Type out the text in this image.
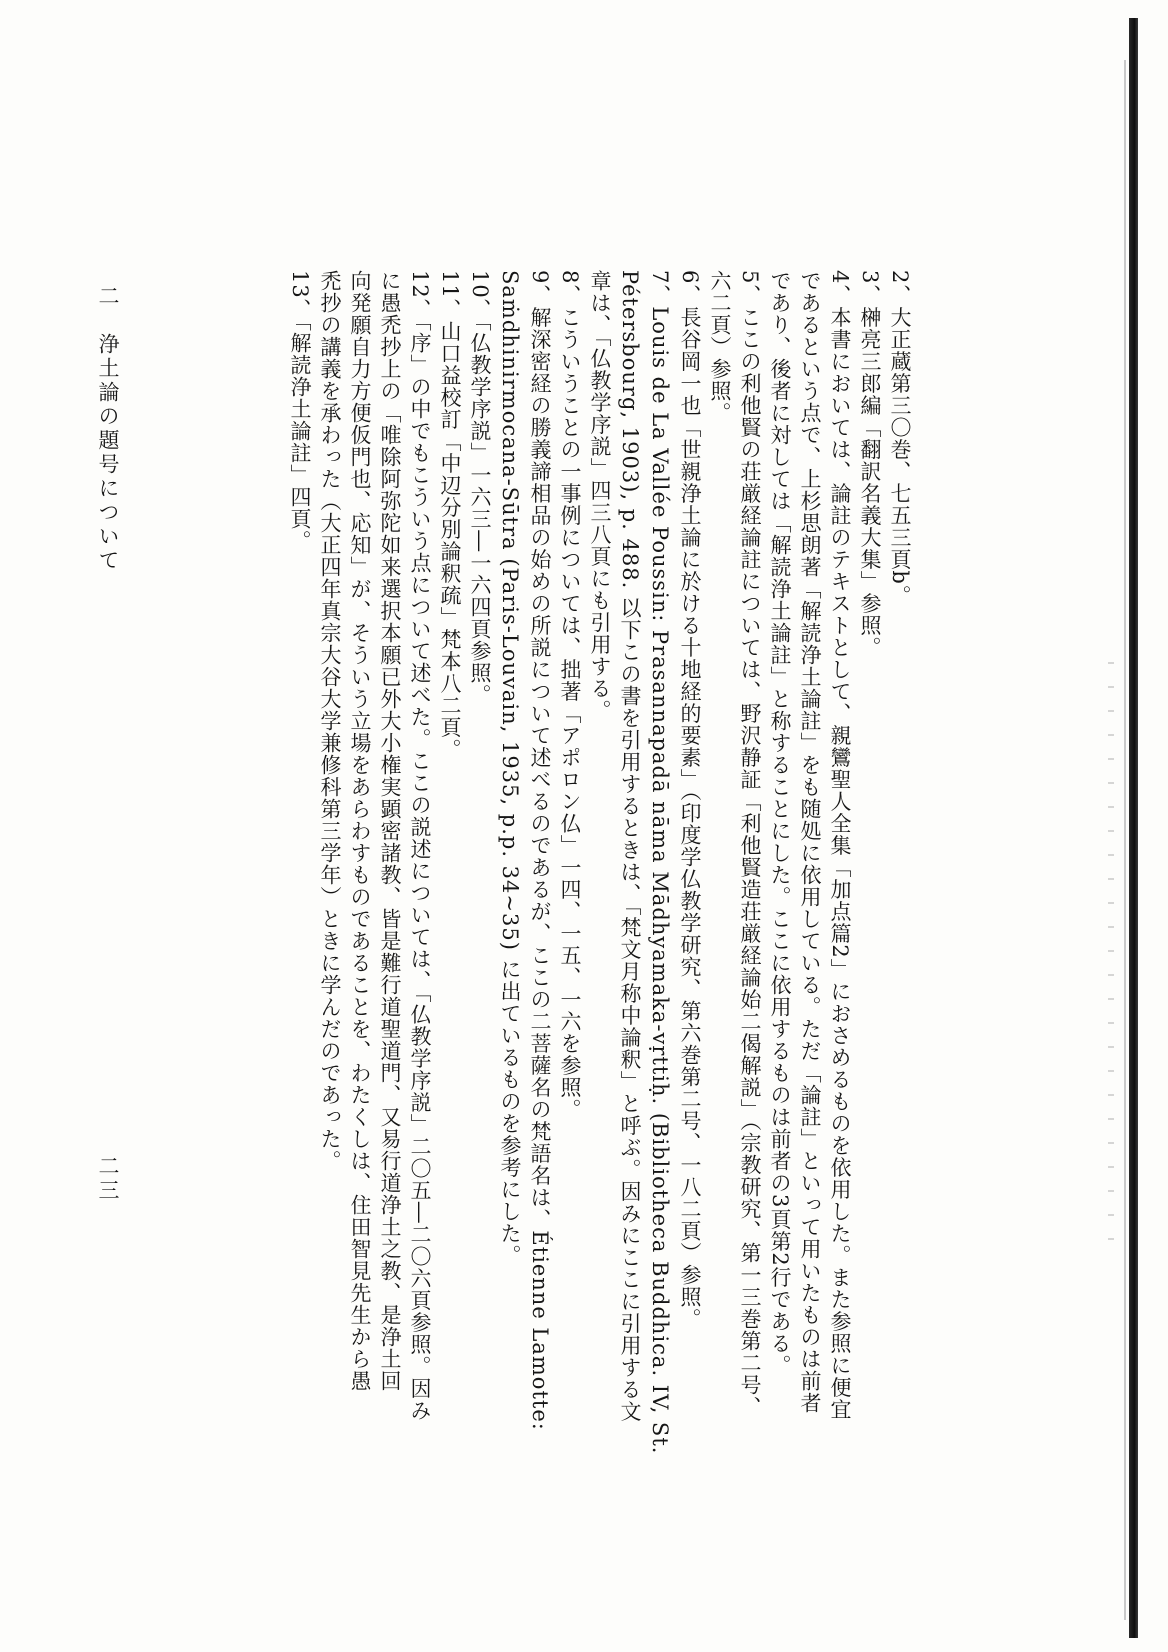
2、大正蔵第三〇巻、七五三頁b。
3、榊亮三郎編「翻訳名義大集」参照。
4、本書においては、論註のテキストとして、親鸞聖人全集「加点篇2」におさめるものを依用した。また参照に便宜
であるという点で、上杉思朗著「解読浄土論註」をも随処に依用している。ただ「論註」といって用いたものは前者
であり、後者に対しては「解読浄土論註」と称することにした。ここに依用するものは前者の3頁第2行である。
5、ここの利他賢の荘厳経論註については、野沢静証「利他賢造荘厳経論始二偈解説」（宗教研究、第一三巻第二号、
六二頁）参照。
6、長谷岡一也「世親浄土論に於ける十地経的要素」（印度学仏教学研究、第六巻第二号、一八二頁）参照。
7、Louis de La Vallée Poussin: Prasannapadā nāma Mādhyamaka-vṛttiḥ. (Bibliotheca Buddhica. IV, St.
Pétersbourg, 1903), p. 488. 以下この書を引用するときは、「梵文月称中論釈」と呼ぶ。因みにここに引用する文
章は、「仏教学序説」四三八頁にも引用する。
8、こういうことの一事例については、拙著「アポロン仏」一四、一五、一六を参照。
9、解深密経の勝義諦相品の始めの所説について述べるのであるが、ここの二菩薩名の梵語名は、Étienne Lamotte:
Saṁdhinirmocana-Sūtra (Paris-Louvain, 1935, p.p. 34~35) に出ているものを参考にした。
10、「仏教学序説」一六三―一六四頁参照。
11、山口益校訂「中辺分別論釈疏」梵本八二頁。
12、「序」の中でもこういう点について述べた。ここの説述については、「仏教学序説」二〇五―二〇六頁参照。因み
に愚禿抄上の「唯除阿弥陀如来選択本願已外大小権実顕密諸教、皆是難行道聖道門、又易行道浄土之教、是浄土回
向発願自力方便仮門也、応知」が、そういう立場をあらわすものであることを、わたくしは、住田智見先生から愚
禿抄の講義を承わった（大正四年真宗大谷大学兼修科第三学年）ときに学んだのであった。
13、「解読浄土論註」四頁。
二　浄土論の題号について
二三
